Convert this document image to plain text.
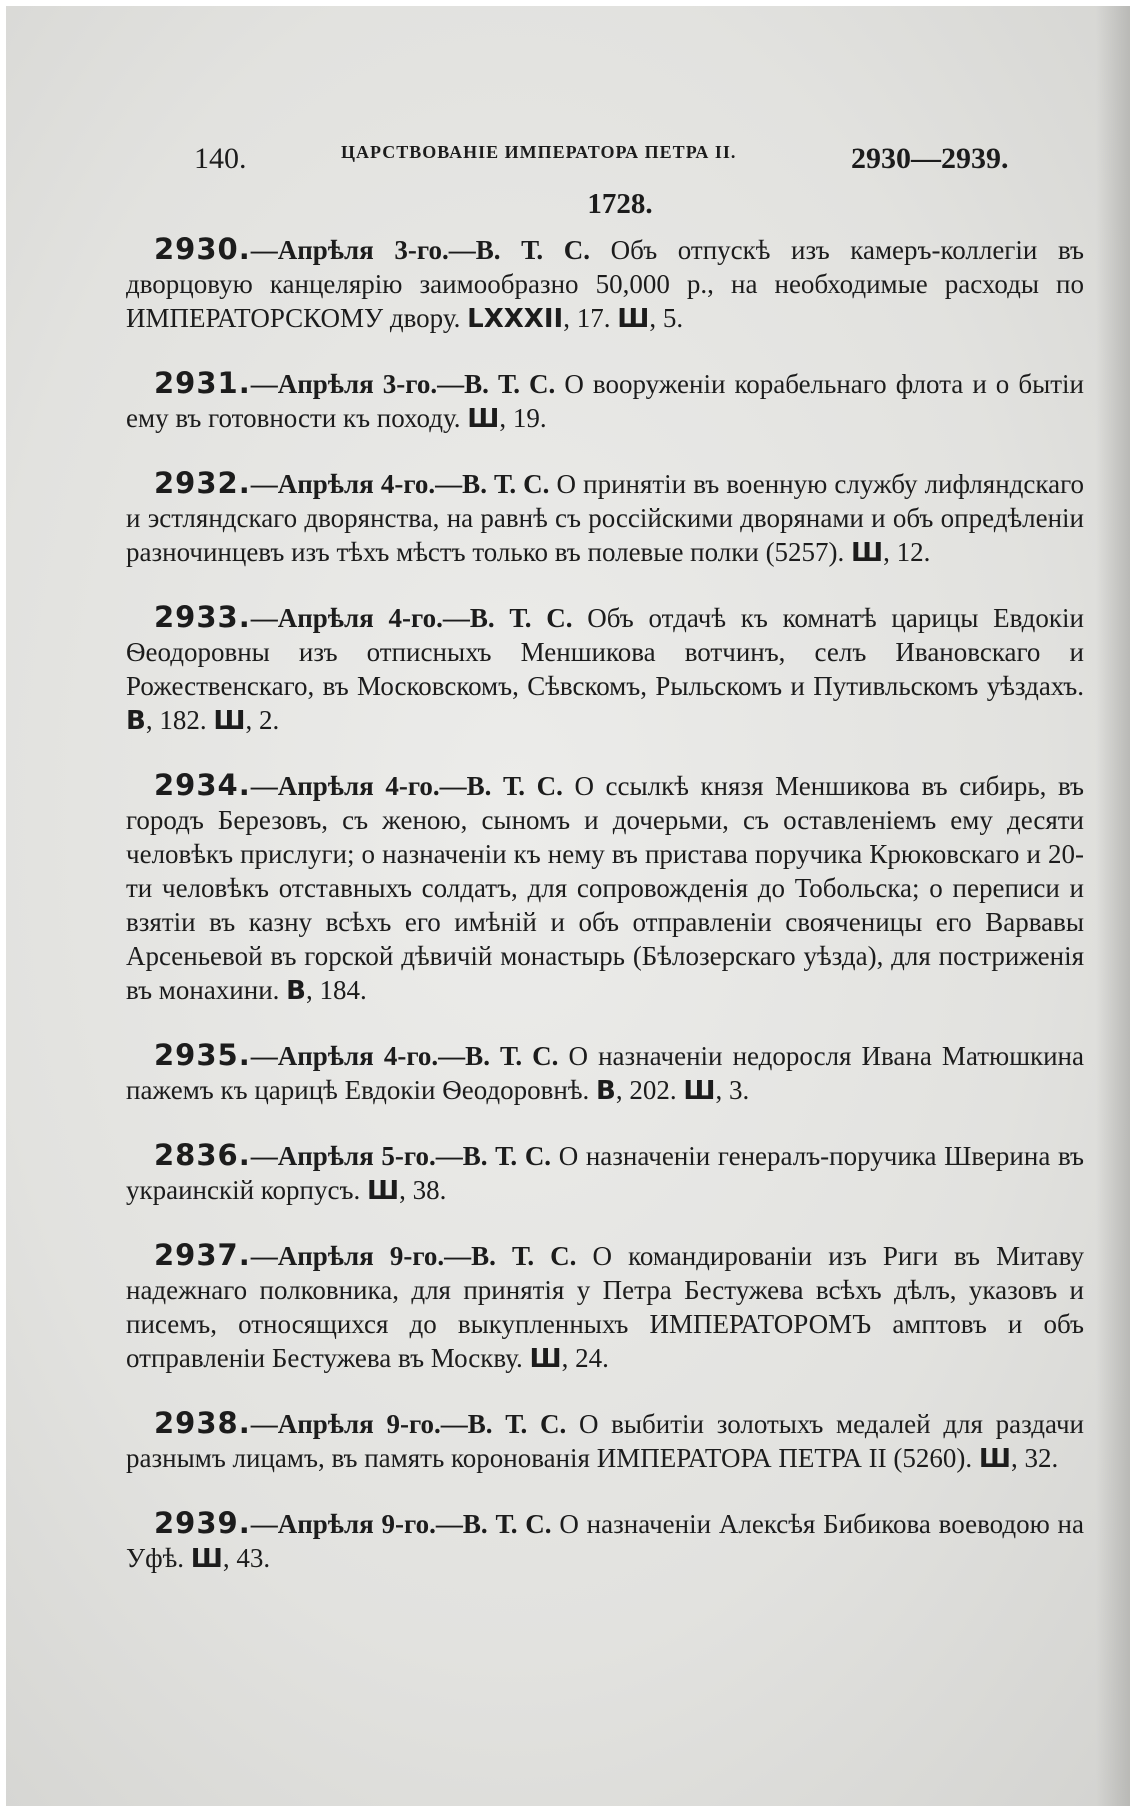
140.	ЦАРСТВОВАНІЕ ИМПЕРАТОРА ПЕТРА II.	2930—2939.
1728.

2930.—Апрѣля 3-го.—В. Т. С. Объ отпускѣ изъ камеръ-коллегіи въ дворцовую канцелярію заимообразно 50,000 р., на необходимые расходы по ИМПЕРАТОРСКОМУ двору. LXXXII, 17. Ш, 5.

2931.—Апрѣля 3-го.—В. Т. С. О вооруженіи корабельнаго флота и о бытіи ему въ готовности къ походу. Ш, 19.

2932.—Апрѣля 4-го.—В. Т. С. О принятіи въ военную службу лифляндскаго и эстляндскаго дворянства, на равнѣ съ россійскими дворянами и объ опредѣленіи разночинцевъ изъ тѣхъ мѣстъ только въ полевые полки (5257). Ш, 12.

2933.—Апрѣля 4-го.—В. Т. С. Объ отдачѣ къ комнатѣ царицы Евдокіи Ѳеодоровны изъ отписныхъ Меншикова вотчинъ, селъ Ивановскаго и Рожественскаго, въ Московскомъ, Сѣвскомъ, Рыльскомъ и Путивльскомъ уѣздахъ. В, 182. Ш, 2.

2934.—Апрѣля 4-го.—В. Т. С. О ссылкѣ князя Меншикова въ сибирь, въ городъ Березовъ, съ женою, сыномъ и дочерьми, съ оставленіемъ ему десяти человѣкъ прислуги; о назначеніи къ нему въ пристава поручика Крюковскаго и 20-ти человѣкъ отставныхъ солдатъ, для сопровожденія до Тобольска; о переписи и взятіи въ казну всѣхъ его имѣній и объ отправленіи свояченицы его Варвавы Арсеньевой въ горской дѣвичій монастырь (Бѣлозерскаго уѣзда), для постриженія въ монахини. В, 184.

2935.—Апрѣля 4-го.—В. Т. С. О назначеніи недоросля Ивана Матюшкина пажемъ къ царицѣ Евдокіи Ѳеодоровнѣ. В, 202. Ш, 3.

2836.—Апрѣля 5-го.—В. Т. С. О назначеніи генералъ-поручика Шверина въ украинскій корпусъ. Ш, 38.

2937.—Апрѣля 9-го.—В. Т. С. О командированіи изъ Риги въ Митаву надежнаго полковника, для принятія у Петра Бестужева всѣхъ дѣлъ, указовъ и писемъ, относящихся до выкупленныхъ ИМПЕРАТОРОМЪ амптовъ и объ отправленіи Бестужева въ Москву. Ш, 24.

2938.—Апрѣля 9-го.—В. Т. С. О выбитіи золотыхъ медалей для раздачи разнымъ лицамъ, въ память коронованія ИМПЕРАТОРА ПЕТРА II (5260). Ш, 32.

2939.—Апрѣля 9-го.—В. Т. С. О назначеніи Алексѣя Бибикова воеводою на Уфѣ. Ш, 43.
